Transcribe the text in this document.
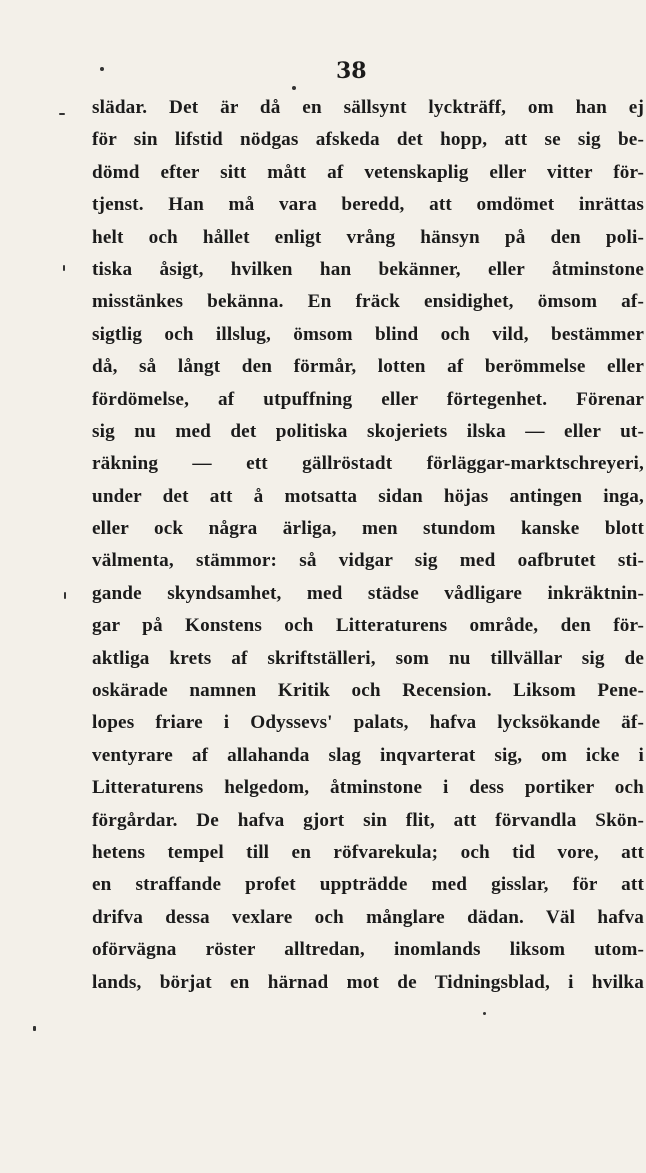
38
slädar. Det är då en sällsynt lyckträff, om han ej
för sin lifstid nödgas afskeda det hopp, att se sig be-
dömd efter sitt mått af vetenskaplig eller vitter för-
tjenst. Han må vara beredd, att omdömet inrättas
helt och hållet enligt vrång hänsyn på den poli-
tiska åsigt, hvilken han bekänner, eller åtminstone
misstänkes bekänna. En fräck ensidighet, ömsom af-
sigtlig och illslug, ömsom blind och vild, bestämmer
då, så långt den förmår, lotten af berömmelse eller
fördömelse, af utpuffning eller förtegenhet. Förenar
sig nu med det politiska skojeriets ilska — eller ut-
räkning — ett gällröstadt förläggar-marktschreyeri,
under det att å motsatta sidan höjas antingen inga,
eller ock några ärliga, men stundom kanske blott
välmenta, stämmor: så vidgar sig med oafbrutet sti-
gande skyndsamhet, med städse vådligare inkräktnin-
gar på Konstens och Litteraturens område, den för-
aktliga krets af skriftställeri, som nu tillvällar sig de
oskärade namnen Kritik och Recension. Liksom Pene-
lopes friare i Odyssevs' palats, hafva lycksökande äf-
ventyrare af allahanda slag inqvarterat sig, om icke i
Litteraturens helgedom, åtminstone i dess portiker och
förgårdar. De hafva gjort sin flit, att förvandla Skön-
hetens tempel till en röfvarekula; och tid vore, att
en straffande profet uppträdde med gisslar, för att
drifva dessa vexlare och månglare dädan. Väl hafva
oförvägna röster alltredan, inomlands liksom utom-
lands, börjat en härnad mot de Tidningsblad, i hvilka
